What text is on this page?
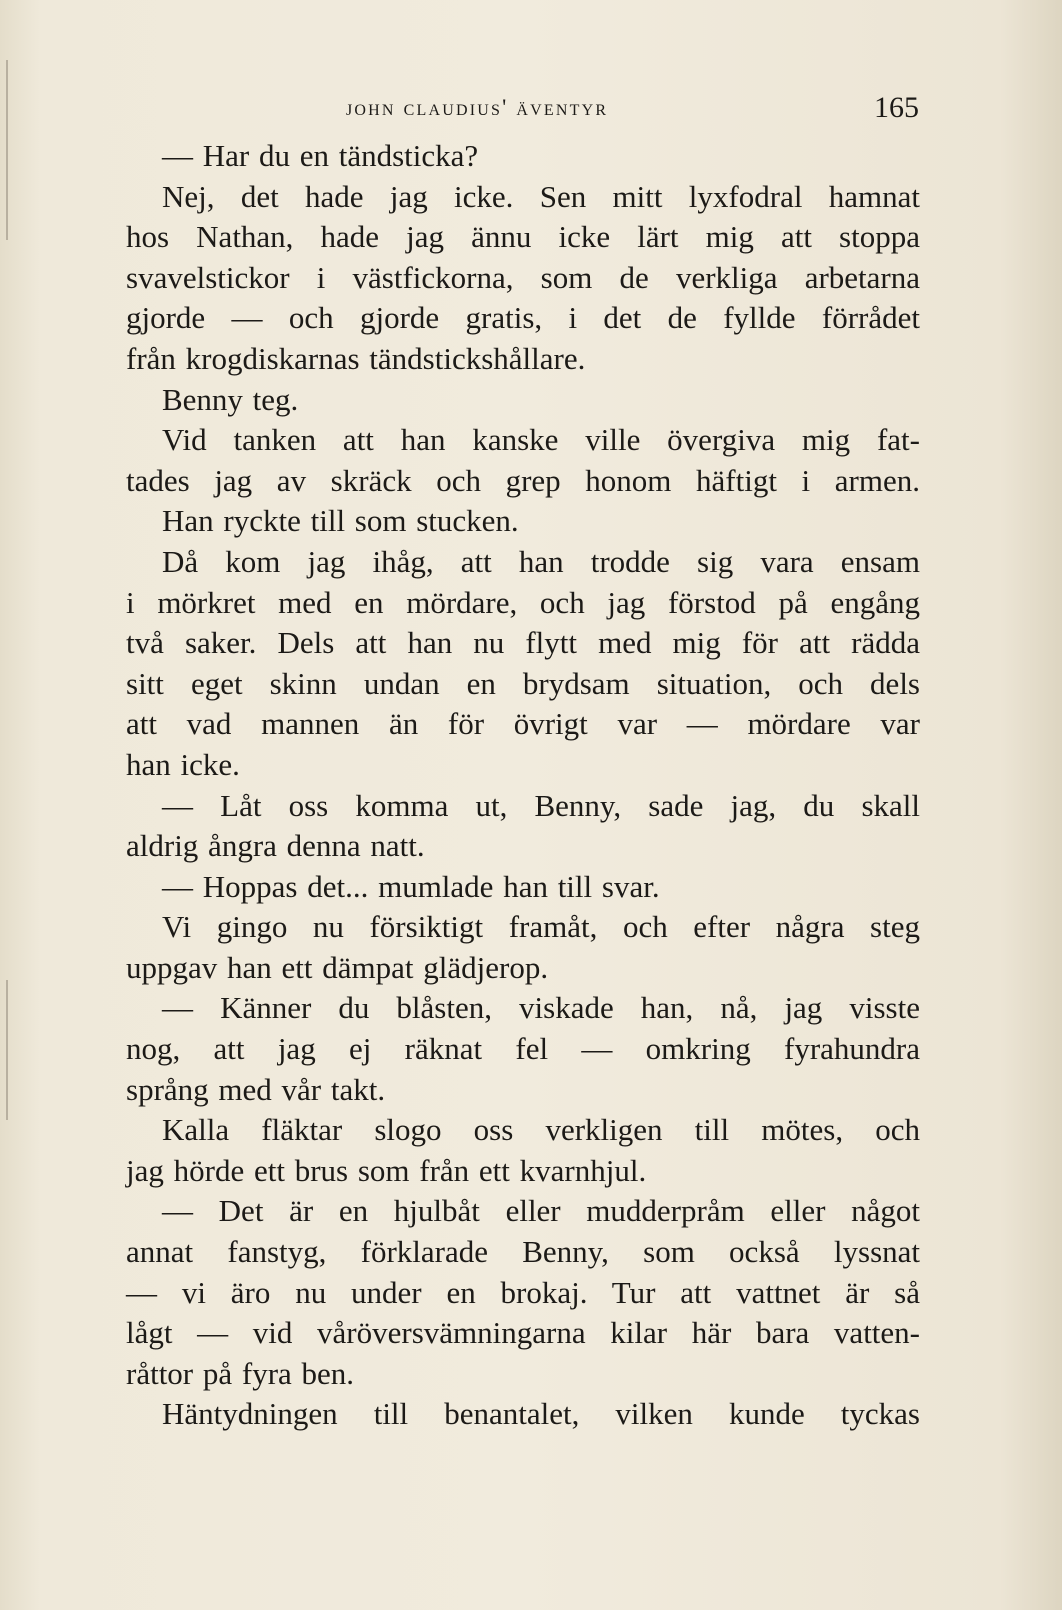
john claudius' äventyr	165
— Har du en tändsticka?
Nej, det hade jag icke. Sen mitt lyxfodral hamnat
hos Nathan, hade jag ännu icke lärt mig att stoppa
svavelstickor i västfickorna, som de verkliga arbetarna
gjorde — och gjorde gratis, i det de fyllde förrådet
från krogdiskarnas tändstickshållare.
Benny teg.
Vid tanken att han kanske ville övergiva mig fat-
tades jag av skräck och grep honom häftigt i armen.
Han ryckte till som stucken.
Då kom jag ihåg, att han trodde sig vara ensam
i mörkret med en mördare, och jag förstod på engång
två saker. Dels att han nu flytt med mig för att rädda
sitt eget skinn undan en brydsam situation, och dels
att vad mannen än för övrigt var — mördare var
han icke.
— Låt oss komma ut, Benny, sade jag, du skall
aldrig ångra denna natt.
— Hoppas det... mumlade han till svar.
Vi gingo nu försiktigt framåt, och efter några steg
uppgav han ett dämpat glädjerop.
— Känner du blåsten, viskade han, nå, jag visste
nog, att jag ej räknat fel — omkring fyrahundra
språng med vår takt.
Kalla fläktar slogo oss verkligen till mötes, och
jag hörde ett brus som från ett kvarnhjul.
— Det är en hjulbåt eller mudderpråm eller något
annat fanstyg, förklarade Benny, som också lyssnat
— vi äro nu under en brokaj. Tur att vattnet är så
lågt — vid våröversvämningarna kilar här bara vatten-
råttor på fyra ben.
Häntydningen till benantalet, vilken kunde tyckas
